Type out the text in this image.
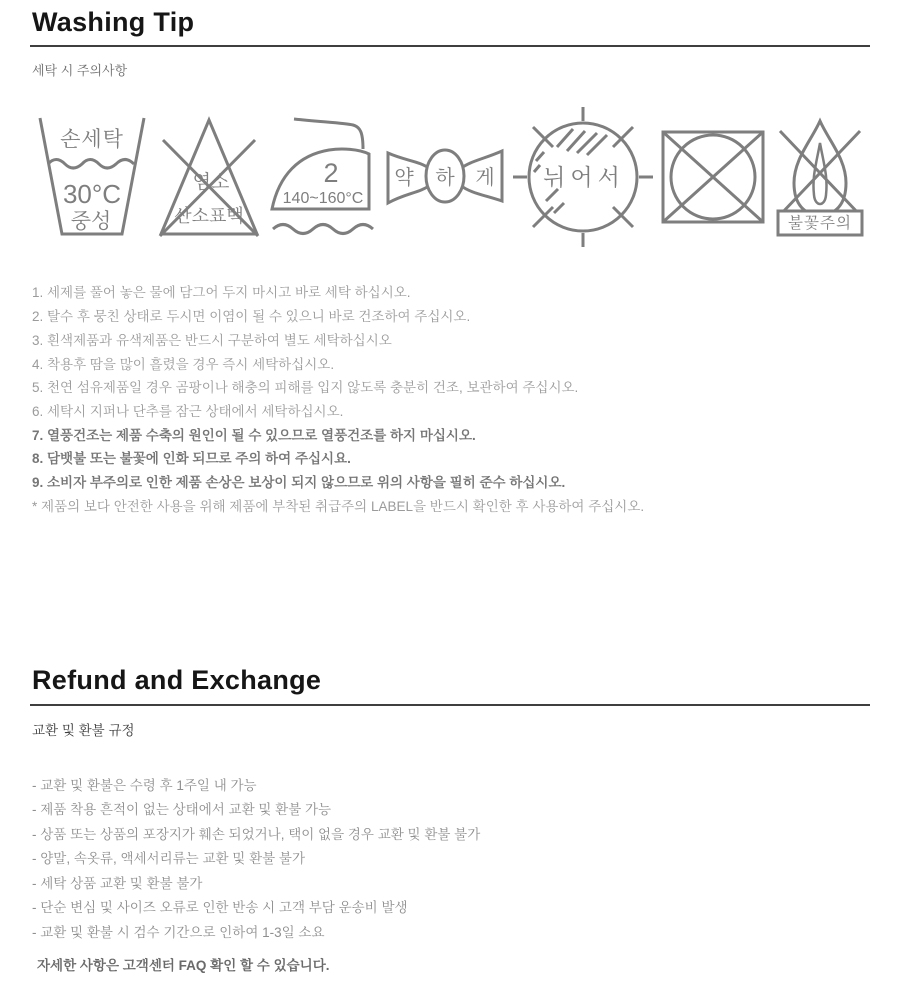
Washing Tip

세탁 시 주의사항

손세탁
30°C
중성
염소
산소표백
2
140~160°C
약 하 게 뉘어서
불꽃주의
1. 세제를 풀어 놓은 물에 담그어 두지 마시고 바로 세탁 하십시오.
2. 탈수 후 뭉친 상태로 두시면 이염이 될 수 있으니 바로 건조하여 주십시오.
3. 흰색제품과 유색제품은 반드시 구분하여 별도 세탁하십시오
4. 착용후 땀을 많이 흘렸을 경우 즉시 세탁하십시오.
5. 천연 섬유제품일 경우 곰팡이나 해충의 피해를 입지 않도록 충분히 건조, 보관하여 주십시오.
6. 세탁시 지퍼나 단추를 잠근 상태에서 세탁하십시오.
7. 열풍건조는 제품 수축의 원인이 될 수 있으므로 열풍건조를 하지 마십시오.
8. 담뱃불 또는 불꽃에 인화 되므로 주의 하여 주십시요.
9. 소비자 부주의로 인한 제품 손상은 보상이 되지 않으므로 위의 사항을 필히 준수 하십시오.
* 제품의 보다 안전한 사용을 위해 제품에 부착된 취급주의 LABEL을 반드시 확인한 후 사용하여 주십시오.
Refund and Exchange

교환 및 환불 규정

- 교환 및 환불은 수령 후 1주일 내 가능
- 제품 착용 흔적이 없는 상태에서 교환 및 환불 가능
- 상품 또는 상품의 포장지가 훼손 되었거나, 택이 없을 경우 교환 및 환불 불가
- 양말, 속옷류, 액세서리류는 교환 및 환불 불가
- 세탁 상품 교환 및 환불 불가
- 단순 변심 및 사이즈 오류로 인한 반송 시 고객 부담 운송비 발생
- 교환 및 환불 시 검수 기간으로 인하여 1-3일 소요

자세한 사항은 고객센터 FAQ 확인 할 수 있습니다.
